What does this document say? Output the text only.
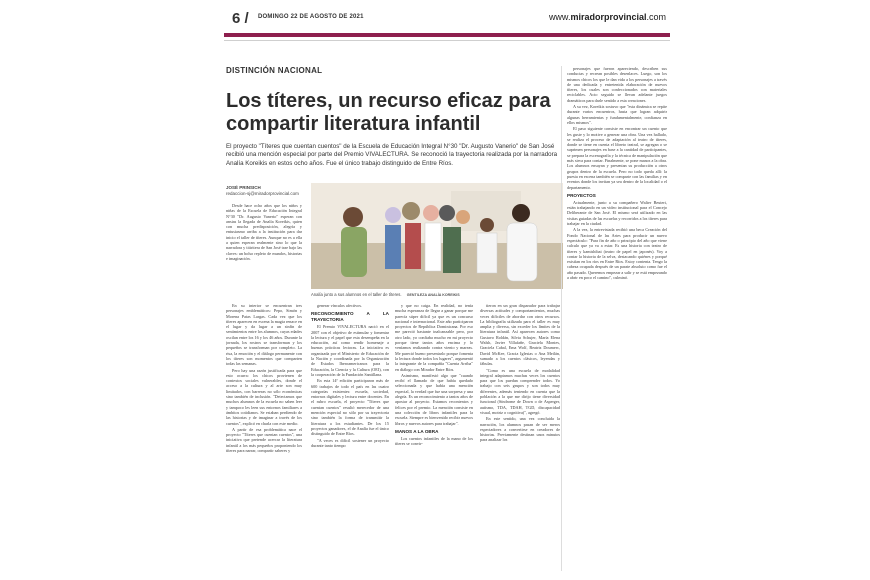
6 / DOMINGO 22 DE AGOSTO DE 2021	www.miradorprovincial.com
DISTINCIÓN NACIONAL
Los títeres, un recurso eficaz para compartir literatura infantil

El proyecto "Títeres que cuentan cuentos" de la Escuela de Educación Integral N°30 "Dr. Augusto Vanerio" de San José recibió una mención especial por parte del Premio VIVALECTURA. Se reconoció la trayectoria realizada por la narradora Analía Koreikis en estos ocho años. Fue el único trabajo distinguido de Entre Ríos.

JOSÉ PRINSICH
redaccion-sj@miradorprovincial.com

Desde hace ocho años que los niños y niñas de la Escuela de Educación Integral N°30 "Dr. Augusto Vanerio" esperan con ansias la llegada de Analía Koreikis, quien con mucha predisposición, alegría y entusiasmo arriba a la institución para dar inicio el taller de títeres. Aunque no es a ella a quien esperan realmente sino lo que la narradora y titiritera de San José trae bajo las claves: un bolso repleto de mundos, historias e imaginación.

Analía junto a sus alumnos en el taller de títeres. GENTILEZA ANALÍA KOREIKIS

En su interior se encuentran tres personajes emblemáticos: Pepo, Simón y Morena Patas Largas. Cada vez que los títeres aparecen en escena la magia renace en el lugar y da lugar a un sinfín de sentimientos entre los alumnos, cuyas edades oscilan entre los 16 y los 46 años. Durante la jornada, los rostros se transforman y los pequeños se transforman por completo. La risa, la emoción y el diálogo permanente con los títeres son momentos que comparten todas las semanas.

Pero hay una razón justificada para que esto ocurra: los chicos provienen de contextos sociales vulnerables, donde el acceso a la cultura y al arte son muy limitados, con barreras no sólo económicas sino también de inclusión. "Detectamos que muchos alumnos de la escuela no saben leer y tampoco les leen sus entornos familiares a ámbitos cotidianos. Se estaban perdiendo de las historias y de imaginar a través de los cuentos", explicó en charla con este medio.

A partir de esa problemática nace el proyecto "Títeres que cuentan cuentos", una iniciativa que pretende acercar la literatura infantil a los más pequeños proponiendo los títeres para narrar, compartir saberes y

generar vínculos afectivos.

RECONOCIMIENTO A LA TRAYECTORIA

El Premio VIVALECTURA nació en el 2007 con el objetivo de estimular y fomentar la lectura y el papel que esta desempeña en la educación, así como rendir homenaje a buenas prácticas lectoras. La iniciativa es organizada por el Ministerio de Educación de la Nación y coordinada por la Organización de Estados Iberoamericanos para la Educación, la Ciencia y la Cultura (OEI), con la cooperación de la Fundación Santillana.

En esta 14ª edición participaron más de 600 trabajos de todo el país en las cuatro categorías existentes: escuela, sociedad, entornos digitales y lectura entre docentes. En el rubro escuela, el proyecto "Títeres que cuentan cuentos" resultó merecedor de una mención especial no sólo por su trayectoria sino también la forma de transmitir la literatura a los estudiantes. De los 15 proyectos ganadores, el de Analía fue el único distinguido de Entre Ríos.

"A veces es difícil sostener un proyecto durante tanto tiempo

y que no caiga. En realidad, no tenía mucha esperanza de llegar a ganar porque me parecía súper difícil ya que es un concurso nacional e internacional. Este año participaron proyectos de República Dominicana. Por eso me pareció bastante inalcanzable pero, por otro lado, yo confiaba mucho en mi proyecto porque tiene tantos años encima y lo veníamos realizando contra viento y mareas. Me pareció bueno presentarlo porque fomenta la lectura donde todos los lugares", argumentó la integrante de la compañía "Cuenta Arriba" en diálogo con Mirador Entre Ríos.

Asimismo, manifestó algo que "cuando recibí el llamado de que había quedado seleccionada y que había una mención especial, la verdad que fue una sorpresa y una alegría. Es un reconocimiento a tantos años de apostar al proyecto. Estamos recontentos y felices por el premio. La mención consiste en una colección de libros infantiles para la escuela. Siempre es bienvenido recibir nuevos libros y nuevos autores para trabajar".

MANOS A LA OBRA

Los cuentos infantiles de la mano de los títeres se convir-

tieron en un gran disparador para trabajar diversas actitudes y comportamientos, muchas veces difíciles de abordar con otros recursos. La bibliografía utilizada para el taller es muy amplia y diversa, sin exceder los límites de la literatura infantil. Así aparecen autores como Gustavo Roldán, Silvia Schujer, María Elena Walsh, Javier Villafañe, Graciela Montes, Graciela Cabal, Ema Wolf, Beatriz Doumerc, David McKee, Gracia Iglesias o Ana Meilán, sumado a los cuentos clásicos, leyendas y fábulas.

"Como es una escuela de modalidad integral adaptamos muchas veces los cuentos para que los puedan comprender todos. Yo trabajo con seis grupos y son todos muy diferentes, además teniendo en cuenta que la población a la que me dirijo tiene diversidad funcional (Síndrome de Down o de Asperger, autismo, TDA, TDAH, TGD, discapacidad visual, motriz o cognitiva)", agregó.

En este sentido, una vez concluida la narración, los alumnos pasan de ser meros espectadores a convertirse en creadores de historias. Previamente destinan unos minutos para analizar los

personajes que fueron apareciendo, describen sus conductas y recrean posibles desenlaces. Luego, son los mismos chicos los que le dan vida a los personajes a través de una dedicada y entretenida elaboración de nuevos títeres, los cuales son confeccionados con materiales reciclables. Acto seguido se llevan adelante juegos dramáticos para darle sentido a esta creaciones.

A su vez, Koreikis sostuvo que "esta dinámica se repite durante varios encuentros, hasta que logran adquirir algunas herramientas y fundamentalmente, confianza en ellos mismos".

El paso siguiente consiste en encontrar un cuento que les guste y lo motive a generar una obra. Una vez hallado, se realiza el proceso de adaptación al teatro de títeres, donde se tiene en cuenta el libreto teatral, se agregan o se suprimen personajes en base a la cantidad de participantes, se prepara la escenografía y la técnica de manipulación que más sirva para contar. Finalmente, se pone manos a la obra. Los alumnos ensayan y presentan su producción a otros grupos dentro de la escuela. Pero no todo queda allí: la puesta en escena también se comparte con las familias y en eventos donde los invitan ya sea dentro de la localidad o el departamento.

PROYECTOS

Actualmente, junto a su compañero Walter Beuteri, están trabajando en un video institucional para el Concejo Deliberante de San José. El mismo será utilizado en las visitas guiadas de las escuelas y recorridos a los títeres para trabajar en la ciudad.

A la vez, la entrevistada recibió una beca Creación del Fondo Nacional de las Artes para producir un nuevo espectáculo: "Para fin de año o principio del año que viene calculo que ya va a estar. Es una historia con teatro de títeres y kamishibai (teatro de papel en japonés). Voy a contar la historia de la selva, destacando quiénes y porqué existían en los ríos en Entre Ríos. Estoy contenta. Tengo la cabeza ocupada después de un parate absoluto como fue el año pasado. Queremos empezar a salir y se está empezando a abrir en poco el camino", culminó.
